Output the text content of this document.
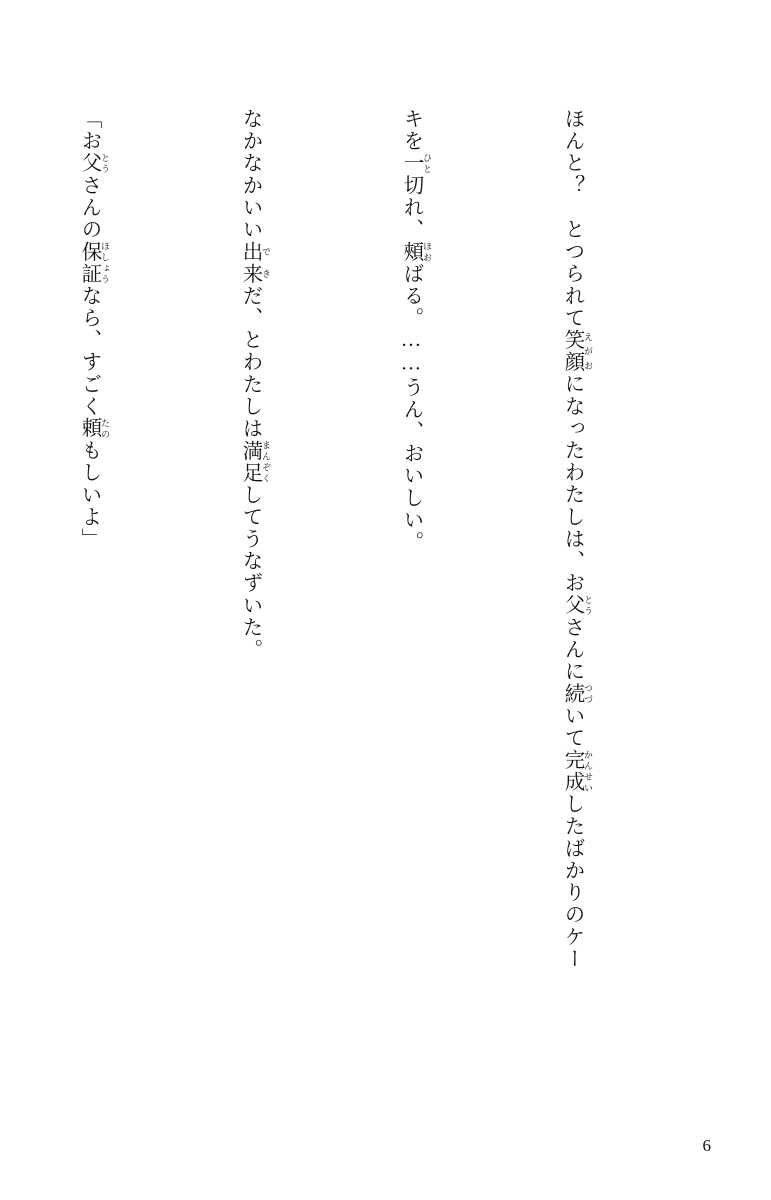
ほんと？　とつられて笑顔 えがおになったわたしは、お父 とうさんに続 つづいて完成 かんせいしたばかりのケー

キを一 ひと切れ、頰 ほおばる。……うん、おいしい。

なかなかいい出来 できだ、とわたしは満足 まんぞくしてうなずいた。

「お父 とうさんの保証 ほしょうなら、すごく頼 たのもしいよ」

6
